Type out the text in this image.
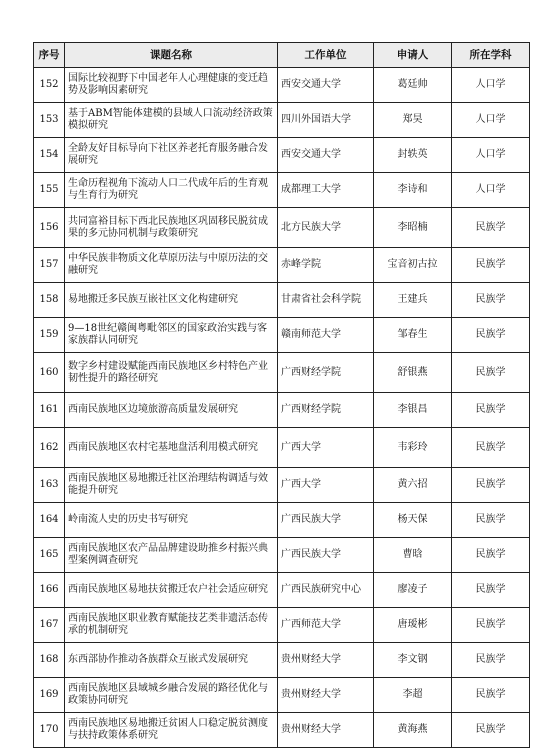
序号	课题名称	工作单位	申请人	所在学科
152	国际比较视野下中国老年人心理健康的变迁趋势及影响因素研究	西安交通大学	葛廷帅	人口学
153	基于ABM智能体建模的县域人口流动经济政策模拟研究	四川外国语大学	郑昊	人口学
154	全龄友好目标导向下社区养老托育服务融合发展研究	西安交通大学	封轶英	人口学
155	生命历程视角下流动人口二代成年后的生育观与生育行为研究	成都理工大学	李诗和	人口学
156	共同富裕目标下西北民族地区巩固移民脱贫成果的多元协同机制与政策研究	北方民族大学	李昭楠	民族学
157	中华民族非物质文化草原历法与中原历法的交融研究	赤峰学院	宝音初古拉	民族学
158	易地搬迁多民族互嵌社区文化构建研究	甘肃省社会科学院	王建兵	民族学
159	9—18世纪赣闽粤毗邻区的国家政治实践与客家族群认同研究	赣南师范大学	邹春生	民族学
160	数字乡村建设赋能西南民族地区乡村特色产业韧性提升的路径研究	广西财经学院	舒银燕	民族学
161	西南民族地区边境旅游高质量发展研究	广西财经学院	李银昌	民族学
162	西南民族地区农村宅基地盘活利用模式研究	广西大学	韦彩玲	民族学
163	西南民族地区易地搬迁社区治理结构调适与效能提升研究	广西大学	黄六招	民族学
164	岭南流人史的历史书写研究	广西民族大学	杨天保	民族学
165	西南民族地区农产品品牌建设助推乡村振兴典型案例调查研究	广西民族大学	曹晗	民族学
166	西南民族地区易地扶贫搬迁农户社会适应研究	广西民族研究中心	廖凌子	民族学
167	西南民族地区职业教育赋能技艺类非遗活态传承的机制研究	广西师范大学	唐瑷彬	民族学
168	东西部协作推动各族群众互嵌式发展研究	贵州财经大学	李文钢	民族学
169	西南民族地区县域城乡融合发展的路径优化与政策协同研究	贵州财经大学	李超	民族学
170	西南民族地区易地搬迁贫困人口稳定脱贫测度与扶持政策体系研究	贵州财经大学	黄海燕	民族学
